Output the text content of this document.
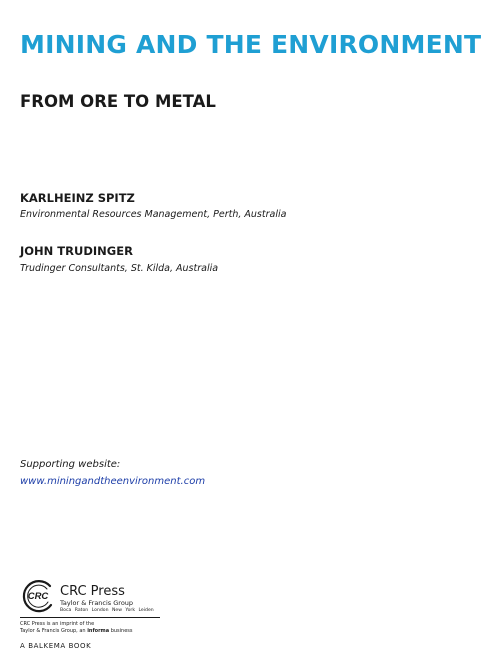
MINING AND THE ENVIRONMENT
FROM ORE TO METAL
KARLHEINZ SPITZ
Environmental Resources Management, Perth, Australia
JOHN TRUDINGER
Trudinger Consultants, St. Kilda, Australia
Supporting website:
www.miningandtheenvironment.com
CRC CRC Press
Taylor & Francis Group
Boca Raton London New York Leiden
CRC Press is an imprint of the
Taylor & Francis Group, an informa business
A BALKEMA BOOK
